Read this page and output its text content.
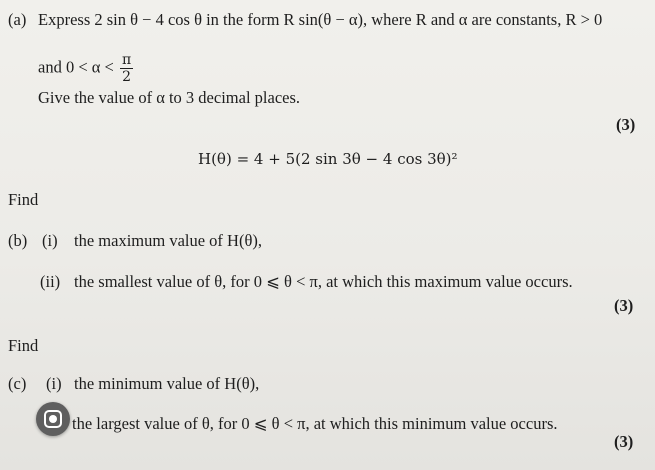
(a) Express 2 sin θ − 4 cos θ in the form R sin(θ − α), where R and α are constants, R > 0
and $0 < \alpha < \frac{\pi}{2}$
Give the value of α to 3 decimal places.
(3)
H(θ) = 4 + 5(2 sin 3θ − 4 cos 3θ)²
Find
(b) (i) the maximum value of H(θ),
(ii) the smallest value of θ, for 0 ⩽ θ < π, at which this maximum value occurs.
(3)
Find
(c) (i) the minimum value of H(θ),
the largest value of θ, for 0 ⩽ θ < π, at which this minimum value occurs.
(3)
